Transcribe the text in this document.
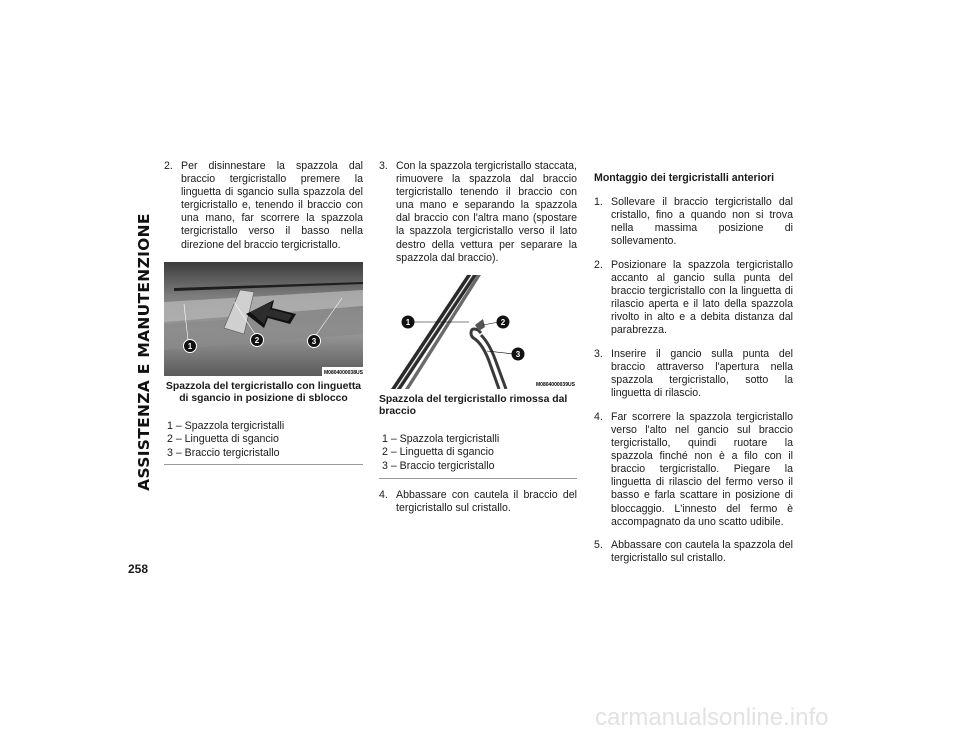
ASSISTENZA E MANUTENZIONE
258

2. Per disinnestare la spazzola dal braccio tergicristallo premere la linguetta di sgancio sulla spazzola del tergicristallo e, tenendo il braccio con una mano, far scorrere la spazzola tergicristallo verso il basso nella direzione del braccio tergicristallo.

1
2	3
M0804000038US
Spazzola del tergicristallo con linguetta di sgancio in posizione di sblocco
1 – Spazzola tergicristalli
2 – Linguetta di sgancio
3 – Braccio tergicristallo

3. Con la spazzola tergicristallo staccata, rimuovere la spazzola dal braccio tergicristallo tenendo il braccio con una mano e separando la spazzola dal braccio con l'altra mano (spostare la spazzola tergicristallo verso il lato destro della vettura per separare la spazzola dal braccio).

1	2
3
M0804000039US
Spazzola del tergicristallo rimossa dal braccio
1 – Spazzola tergicristalli
2 – Linguetta di sgancio
3 – Braccio tergicristallo

4. Abbassare con cautela il braccio del tergicristallo sul cristallo.

Montaggio dei tergicristalli anteriori

1. Sollevare il braccio tergicristallo dal cristallo, fino a quando non si trova nella massima posizione di sollevamento.

2. Posizionare la spazzola tergicristallo accanto al gancio sulla punta del braccio tergicristallo con la linguetta di rilascio aperta e il lato della spazzola rivolto in alto e a debita distanza dal parabrezza.

3. Inserire il gancio sulla punta del braccio attraverso l'apertura nella spazzola tergicristallo, sotto la linguetta di rilascio.

4. Far scorrere la spazzola tergicristallo verso l'alto nel gancio sul braccio tergicristallo, quindi ruotare la spazzola finché non è a filo con il braccio tergicristallo. Piegare la linguetta di rilascio del fermo verso il basso e farla scattare in posizione di bloccaggio. L'innesto del fermo è accompagnato da uno scatto udibile.

5. Abbassare con cautela la spazzola del tergicristallo sul cristallo.

carmanualsonline.info
